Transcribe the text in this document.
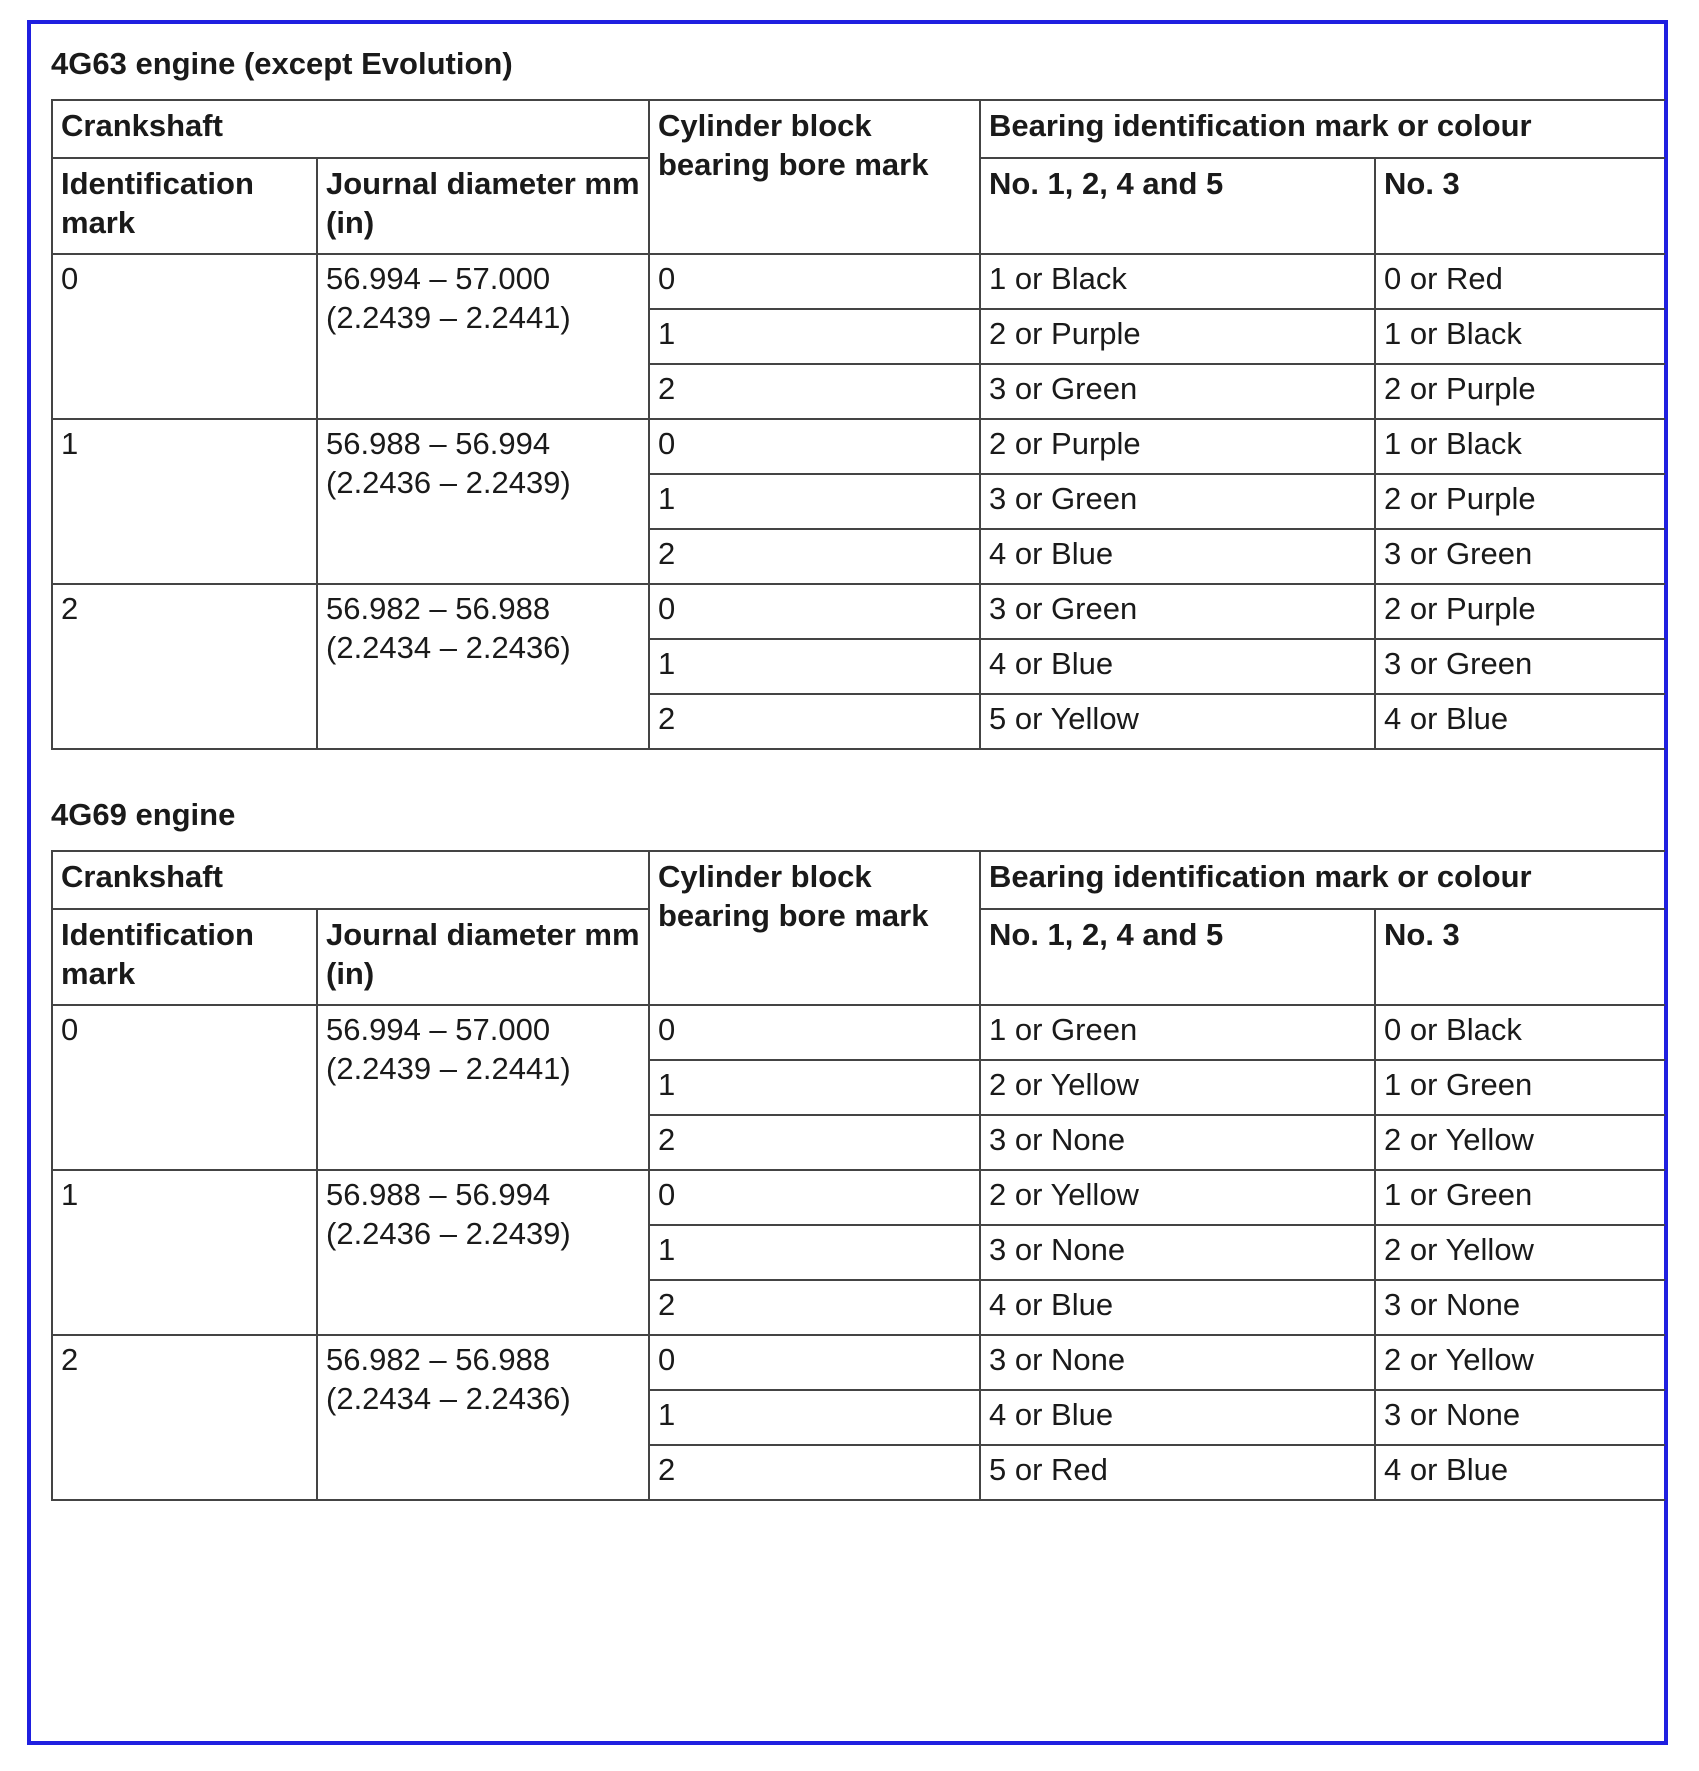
4G63 engine (except Evolution)
Crankshaft		Cylinder block bearing bore mark	Bearing identification mark or colour	
Identification mark	Journal diameter mm (in)		No. 1, 2, 4 and 5	No. 3
0	56.994 – 57.000 (2.2439 – 2.2441)	0	1 or Black	0 or Red
		1	2 or Purple	1 or Black
		2	3 or Green	2 or Purple
1	56.988 – 56.994 (2.2436 – 2.2439)	0	2 or Purple	1 or Black
		1	3 or Green	2 or Purple
		2	4 or Blue	3 or Green
2	56.982 – 56.988 (2.2434 – 2.2436)	0	3 or Green	2 or Purple
		1	4 or Blue	3 or Green
		2	5 or Yellow	4 or Blue
4G69 engine
Crankshaft		Cylinder block bearing bore mark	Bearing identification mark or colour	
Identification mark	Journal diameter mm (in)		No. 1, 2, 4 and 5	No. 3
0	56.994 – 57.000 (2.2439 – 2.2441)	0	1 or Green	0 or Black
		1	2 or Yellow	1 or Green
		2	3 or None	2 or Yellow
1	56.988 – 56.994 (2.2436 – 2.2439)	0	2 or Yellow	1 or Green
		1	3 or None	2 or Yellow
		2	4 or Blue	3 or None
2	56.982 – 56.988 (2.2434 – 2.2436)	0	3 or None	2 or Yellow
		1	4 or Blue	3 or None
		2	5 or Red	4 or Blue
